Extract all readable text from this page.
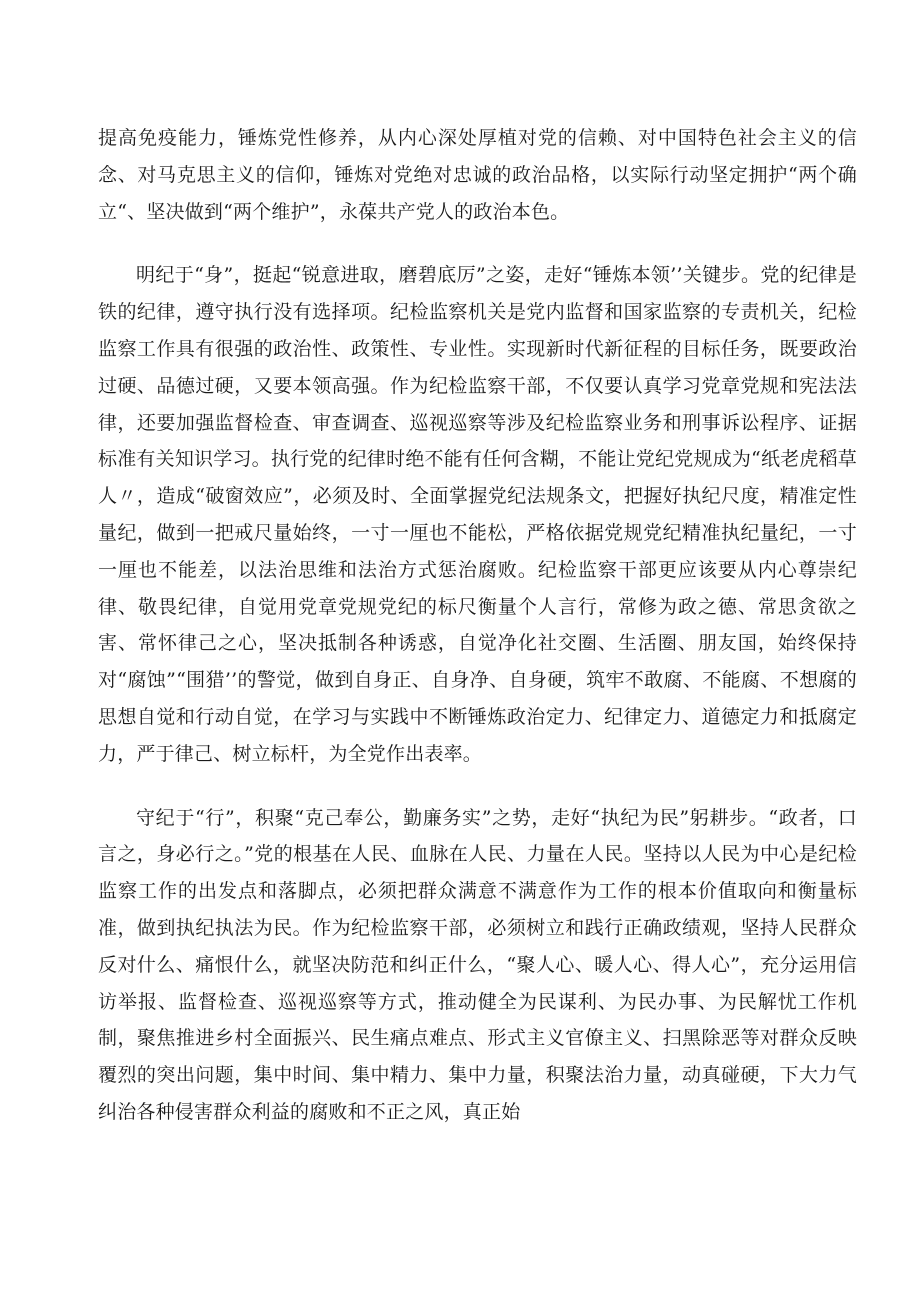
提高免疫能力，锤炼党性修养，从内心深处厚植对党的信赖、对中国特色社会主义的信念、对马克思主义的信仰，锤炼对党绝对忠诚的政治品格，以实际行动坚定拥护“两个确立“、坚决做到“两个维护”，永葆共产党人的政治本色。

明纪于“身”，挺起“锐意进取，磨碧底厉”之姿，走好“锤炼本领’’关键步。党的纪律是铁的纪律，遵守执行没有选择项。纪检监察机关是党内监督和国家监察的专责机关，纪检监察工作具有很强的政治性、政策性、专业性。实现新时代新征程的目标任务，既要政治过硬、品德过硬，又要本领高强。作为纪检监察干部，不仅要认真学习党章党规和宪法法律，还要加强监督检查、审查调查、巡视巡察等涉及纪检监察业务和刑事诉讼程序、证据标准有关知识学习。执行党的纪律时绝不能有任何含糊，不能让党纪党规成为“纸老虎稻草人〃，造成“破窗效应”，必须及时、全面掌握党纪法规条文，把握好执纪尺度，精准定性量纪，做到一把戒尺量始终，一寸一厘也不能松，严格依据党规党纪精准执纪量纪，一寸一厘也不能差，以法治思维和法治方式惩治腐败。纪检监察干部更应该要从内心尊崇纪律、敬畏纪律，自觉用党章党规党纪的标尺衡量个人言行，常修为政之德、常思贪欲之害、常怀律己之心，坚决抵制各种诱惑，自觉净化社交圈、生活圈、朋友国，始终保持对“腐蚀”“围猎’’的警觉，做到自身正、自身净、自身硬，筑牢不敢腐、不能腐、不想腐的思想自觉和行动自觉，在学习与实践中不断锤炼政治定力、纪律定力、道德定力和抵腐定力，严于律己、树立标杆，为全党作出表率。

守纪于“行”，积聚“克己奉公，勤廉务实”之势，走好“执纪为民”躬耕步。“政者，口言之，身必行之。”党的根基在人民、血脉在人民、力量在人民。坚持以人民为中心是纪检监察工作的出发点和落脚点，必须把群众满意不满意作为工作的根本价值取向和衡量标准，做到执纪执法为民。作为纪检监察干部，必须树立和践行正确政绩观，坚持人民群众反对什么、痛恨什么，就坚决防范和纠正什么，“聚人心、暖人心、得人心”，充分运用信访举报、监督检查、巡视巡察等方式，推动健全为民谋利、为民办事、为民解忧工作机制，聚焦推进乡村全面振兴、民生痛点难点、形式主义官僚主义、扫黑除恶等对群众反映覆烈的突出问题，集中时间、集中精力、集中力量，积聚法治力量，动真碰硬，下大力气纠治各种侵害群众利益的腐败和不正之风，真正始
